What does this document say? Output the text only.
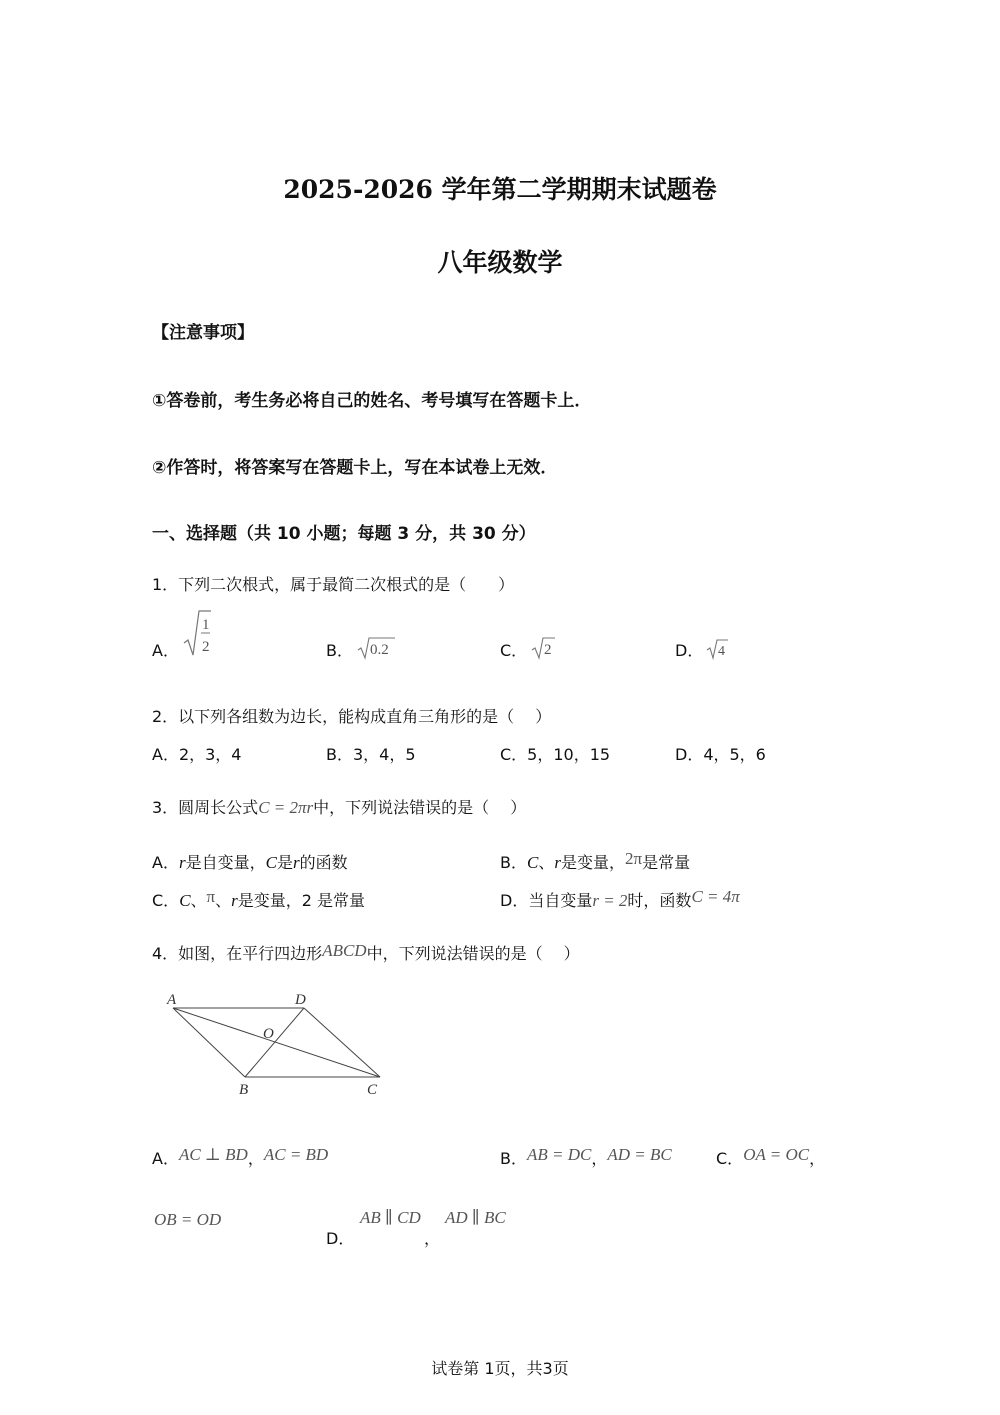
2025-2026 学年第二学期期末试题卷
八年级数学
【注意事项】
①答卷前，考生务必将自己的姓名、考号填写在答题卡上．
②作答时，将答案写在答题卡上，写在本试卷上无效．
一、选择题（共 10 小题；每题 3 分，共 30 分）
1．下列二次根式，属于最简二次根式的是（　　）
A．
1
2	B． 0.2	C． 2	D． 4
2．以下列各组数为边长，能构成直角三角形的是（　 ）
A．2，3，4	B．3，4，5	C．5，10，15	D．4，5，6
3．圆周长公式C = 2πr中，下列说法错误的是（　 ）
A．r是自变量，C是r的函数	B．C、r是变量，2π是常量
C．C、π、r是变量，2 是常量	D．当自变量r = 2时，函数C = 4π
4．如图，在平行四边形ABCD中，下列说法错误的是（　 ）
A	D
O
B	C
A．AC ⊥ BD，AC = BD	B．AB = DC，AD = BC	C．OA = OC，
OB = OD
D．
AB ∥ CD
，
AD ∥ BC
试卷第 1页，共3页
